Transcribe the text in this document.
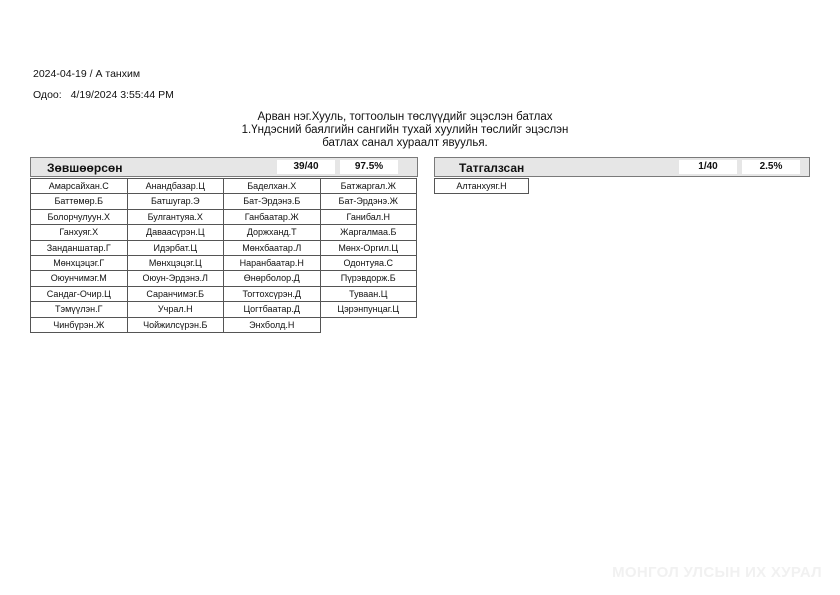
2024-04-19 / А танхим
Одоо: 4/19/2024 3:55:44 PM
Арван нэг.Хууль, тогтоолын төслүүдийг эцэслэн батлах
1.Үндэсний баялгийн сангийн тухай хуулийн төслийг эцэслэн
батлах санал хураалт явуулья.
Зөвшөөрсөн	39/40	97.5%
Амарсайхан.С	Анандбазар.Ц	Баделхан.Х	Батжаргал.Ж
Баттөмөр.Б	Батшугар.Э	Бат-Эрдэнэ.Б	Бат-Эрдэнэ.Ж
Болорчулуун.Х	Булгантуяа.Х	Ганбаатар.Ж	Ганибал.Н
Ганхуяг.Х	Даваасүрэн.Ц	Доржханд.Т	Жаргалмаа.Б
Занданшатар.Г	Идэрбат.Ц	Мөнхбаатар.Л	Мөнх-Оргил.Ц
Мөнхцэцэг.Г	Мөнхцэцэг.Ц	Наранбаатар.Н	Одонтуяа.С
Оюунчимэг.М	Оюун-Эрдэнэ.Л	Өнөрболор.Д	Пүрэвдорж.Б
Сандаг-Очир.Ц	Саранчимэг.Б	Тогтохсүрэн.Д	Туваан.Ц
Тэмүүлэн.Г	Учрал.Н	Цогтбаатар.Д	Цэрэнпунцаг.Ц
Чинбүрэн.Ж	Чойжилсүрэн.Б	Энхболд.Н
Татгалзсан	1/40	2.5%
Алтанхуяг.Н
МОНГОЛ УЛСЫН ИХ ХУРАЛ
